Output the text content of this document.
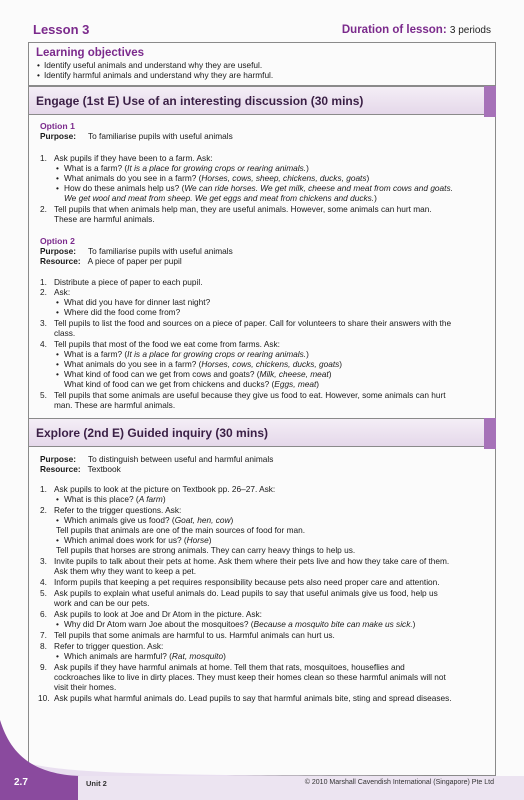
Lesson 3	Duration of lesson: 3 periods
Learning objectives
• Identify useful animals and understand why they are useful.
• Identify harmful animals and understand why they are harmful.
Engage (1st E) Use of an interesting discussion (30 mins)
Option 1
Purpose: To familiarise pupils with useful animals
1. Ask pupils if they have been to a farm. Ask:
• What is a farm? (It is a place for growing crops or rearing animals.)
• What animals do you see in a farm? (Horses, cows, sheep, chickens, ducks, goats)
• How do these animals help us? (We can ride horses. We get milk, cheese and meat from cows and goats.
We get wool and meat from sheep. We get eggs and meat from chickens and ducks.)
2. Tell pupils that when animals help man, they are useful animals. However, some animals can hurt man.
These are harmful animals.
Option 2
Purpose: To familiarise pupils with useful animals
Resource: A piece of paper per pupil
1. Distribute a piece of paper to each pupil.
2. Ask:
• What did you have for dinner last night?
• Where did the food come from?
3. Tell pupils to list the food and sources on a piece of paper. Call for volunteers to share their answers with the
class.
4. Tell pupils that most of the food we eat come from farms. Ask:
• What is a farm? (It is a place for growing crops or rearing animals.)
• What animals do you see in a farm? (Horses, cows, chickens, ducks, goats)
• What kind of food can we get from cows and goats? (Milk, cheese, meat)
What kind of food can we get from chickens and ducks? (Eggs, meat)
5. Tell pupils that some animals are useful because they give us food to eat. However, some animals can hurt
man. These are harmful animals.
Explore (2nd E) Guided inquiry (30 mins)
Purpose: To distinguish between useful and harmful animals
Resource: Textbook
1. Ask pupils to look at the picture on Textbook pp. 26–27. Ask:
• What is this place? (A farm)
2. Refer to the trigger questions. Ask:
• Which animals give us food? (Goat, hen, cow)
Tell pupils that animals are one of the main sources of food for man.
• Which animal does work for us? (Horse)
Tell pupils that horses are strong animals. They can carry heavy things to help us.
3. Invite pupils to talk about their pets at home. Ask them where their pets live and how they take care of them.
Ask them why they want to keep a pet.
4. Inform pupils that keeping a pet requires responsibility because pets also need proper care and attention.
5. Ask pupils to explain what useful animals do. Lead pupils to say that useful animals give us food, help us
work and can be our pets.
6. Ask pupils to look at Joe and Dr Atom in the picture. Ask:
• Why did Dr Atom warn Joe about the mosquitoes? (Because a mosquito bite can make us sick.)
7. Tell pupils that some animals are harmful to us. Harmful animals can hurt us.
8. Refer to trigger question. Ask:
• Which animals are harmful? (Rat, mosquito)
9. Ask pupils if they have harmful animals at home. Tell them that rats, mosquitoes, houseflies and
cockroaches like to live in dirty places. They must keep their homes clean so these harmful animals will not
visit their homes.
10. Ask pupils what harmful animals do. Lead pupils to say that harmful animals bite, sting and spread diseases.
2.7	Unit 2	© 2010 Marshall Cavendish International (Singapore) Pte Ltd
